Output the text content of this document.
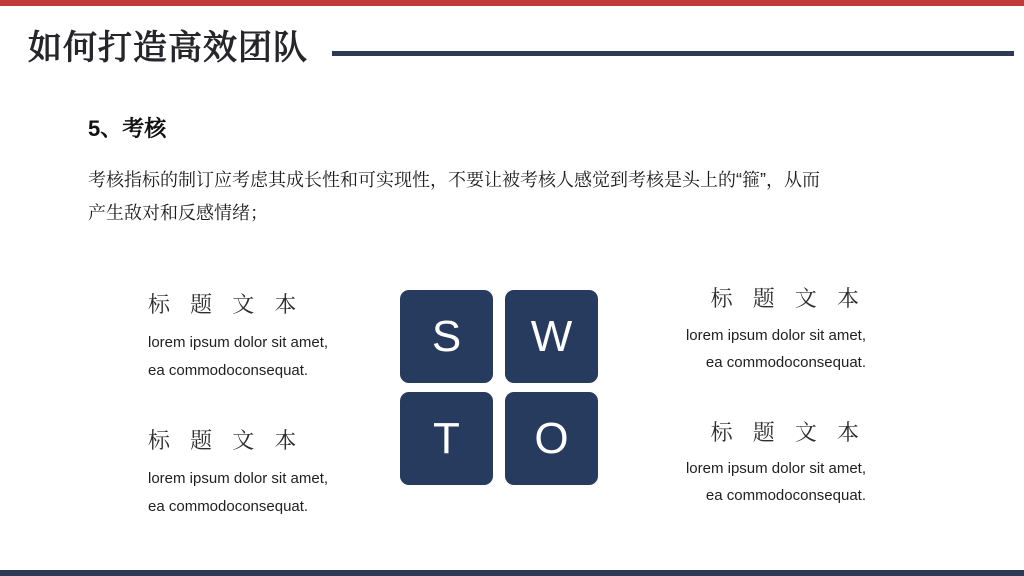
如何打造高效团队
5、考核
考核指标的制订应考虑其成长性和可实现性，不要让被考核人感觉到考核是头上的“箍”，从而
产生敌对和反感情绪；
标 题 文 本
lorem ipsum dolor sit amet,
ea commodoconsequat.
标 题 文 本
lorem ipsum dolor sit amet,
ea commodoconsequat.
S W
T O
标 题 文 本
lorem ipsum dolor sit amet,
ea commodoconsequat.
标 题 文 本
lorem ipsum dolor sit amet,
ea commodoconsequat.
